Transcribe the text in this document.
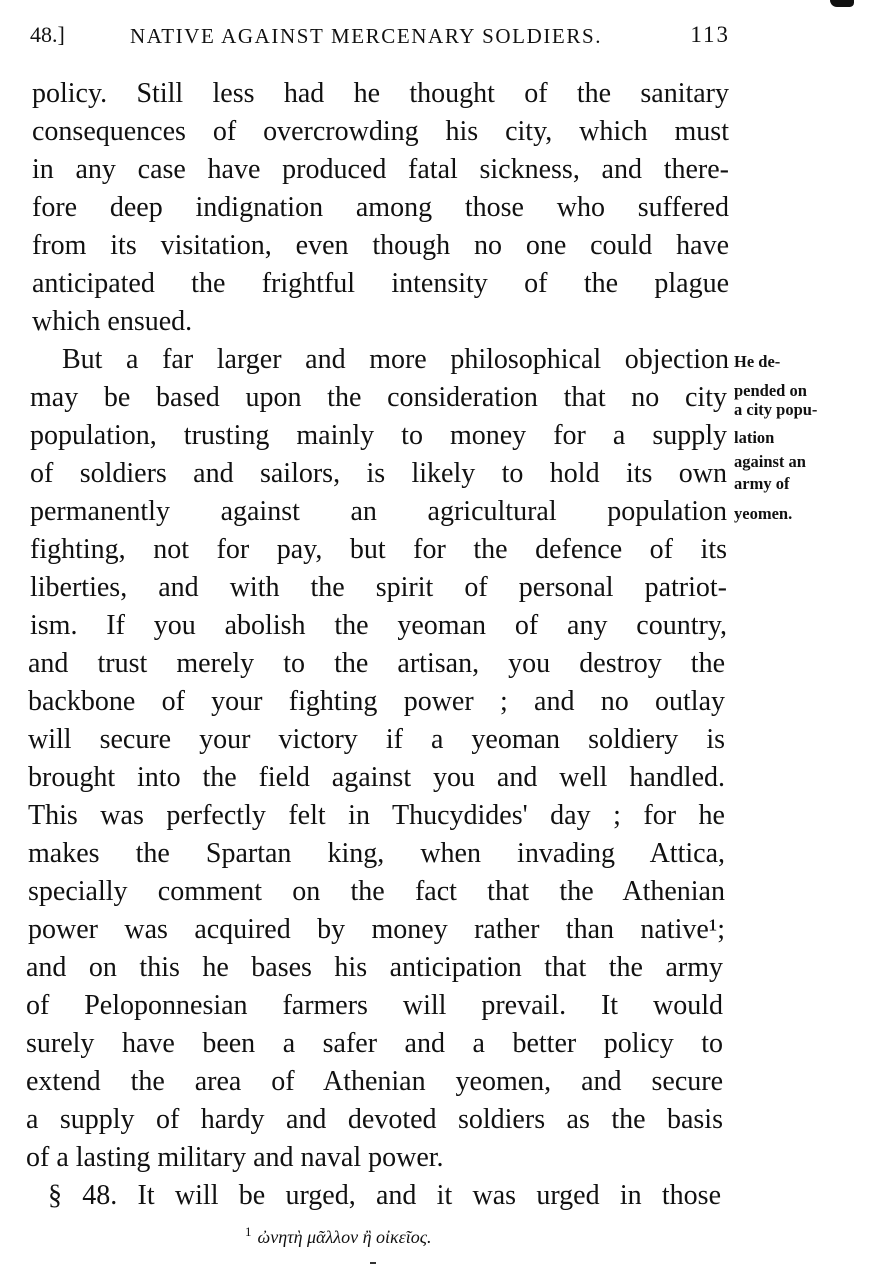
48.]	NATIVE AGAINST MERCENARY SOLDIERS.	113
policy. Still less had he thought of the sanitary
consequences of overcrowding his city, which must
in any case have produced fatal sickness, and there-
fore deep indignation among those who suffered
from its visitation, even though no one could have
anticipated the frightful intensity of the plague
which ensued.
But a far larger and more philosophical objection
may be based upon the consideration that no city
population, trusting mainly to money for a supply
of soldiers and sailors, is likely to hold its own
permanently against an agricultural population
fighting, not for pay, but for the defence of its
liberties, and with the spirit of personal patriot-
ism. If you abolish the yeoman of any country,
and trust merely to the artisan, you destroy the
backbone of your fighting power ; and no outlay
will secure your victory if a yeoman soldiery is
brought into the field against you and well handled.
This was perfectly felt in Thucydides' day ; for he
makes the Spartan king, when invading Attica,
specially comment on the fact that the Athenian
power was acquired by money rather than native¹;
and on this he bases his anticipation that the army
of Peloponnesian farmers will prevail. It would
surely have been a safer and a better policy to
extend the area of Athenian yeomen, and secure
a supply of hardy and devoted soldiers as the basis
of a lasting military and naval power.
§ 48. It will be urged, and it was urged in those
He de-
pended on
a city popu-
lation
against an
army of
yeomen.
$^1$ ὠνητὴ μᾶλλον ἢ οἰκεῖος.
